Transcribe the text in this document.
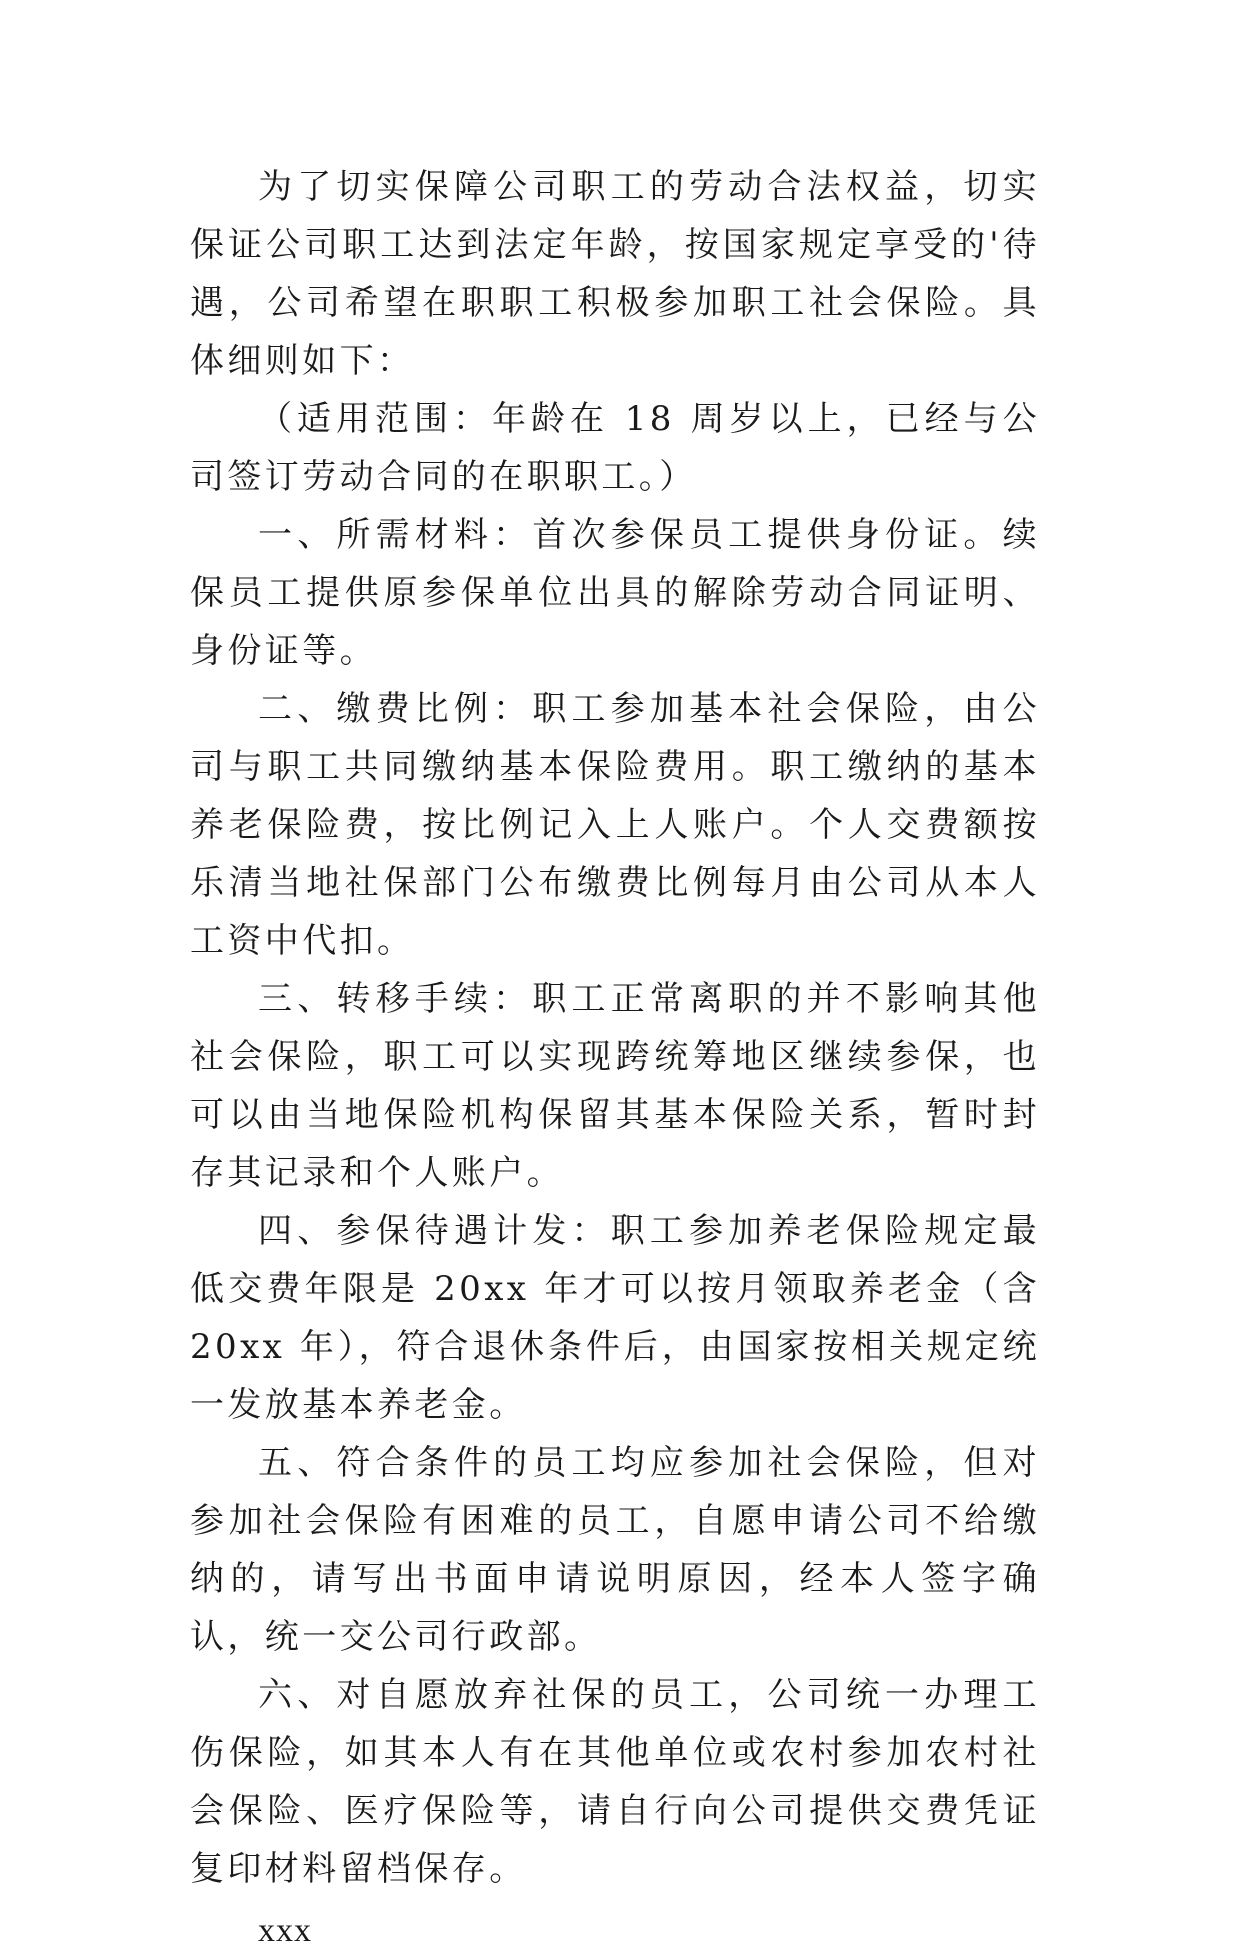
为了切实保障公司职工的劳动合法权益，切实保证公司职工达到法定年龄，按国家规定享受的'待遇，公司希望在职职工积极参加职工社会保险。具体细则如下：

（适用范围：年龄在 18 周岁以上，已经与公司签订劳动合同的在职职工。）

一、所需材料：首次参保员工提供身份证。续保员工提供原参保单位出具的解除劳动合同证明、身份证等。

二、缴费比例：职工参加基本社会保险，由公司与职工共同缴纳基本保险费用。职工缴纳的基本养老保险费，按比例记入上人账户。个人交费额按乐清当地社保部门公布缴费比例每月由公司从本人工资中代扣。

三、转移手续：职工正常离职的并不影响其他社会保险，职工可以实现跨统筹地区继续参保，也可以由当地保险机构保留其基本保险关系，暂时封存其记录和个人账户。

四、参保待遇计发：职工参加养老保险规定最低交费年限是 20xx 年才可以按月领取养老金（含 20xx 年），符合退休条件后，由国家按相关规定统一发放基本养老金。

五、符合条件的员工均应参加社会保险，但对参加社会保险有困难的员工，自愿申请公司不给缴纳的，请写出书面申请说明原因，经本人签字确认，统一交公司行政部。

六、对自愿放弃社保的员工，公司统一办理工伤保险，如其本人有在其他单位或农村参加农村社会保险、医疗保险等，请自行向公司提供交费凭证复印材料留档保存。

xxx
